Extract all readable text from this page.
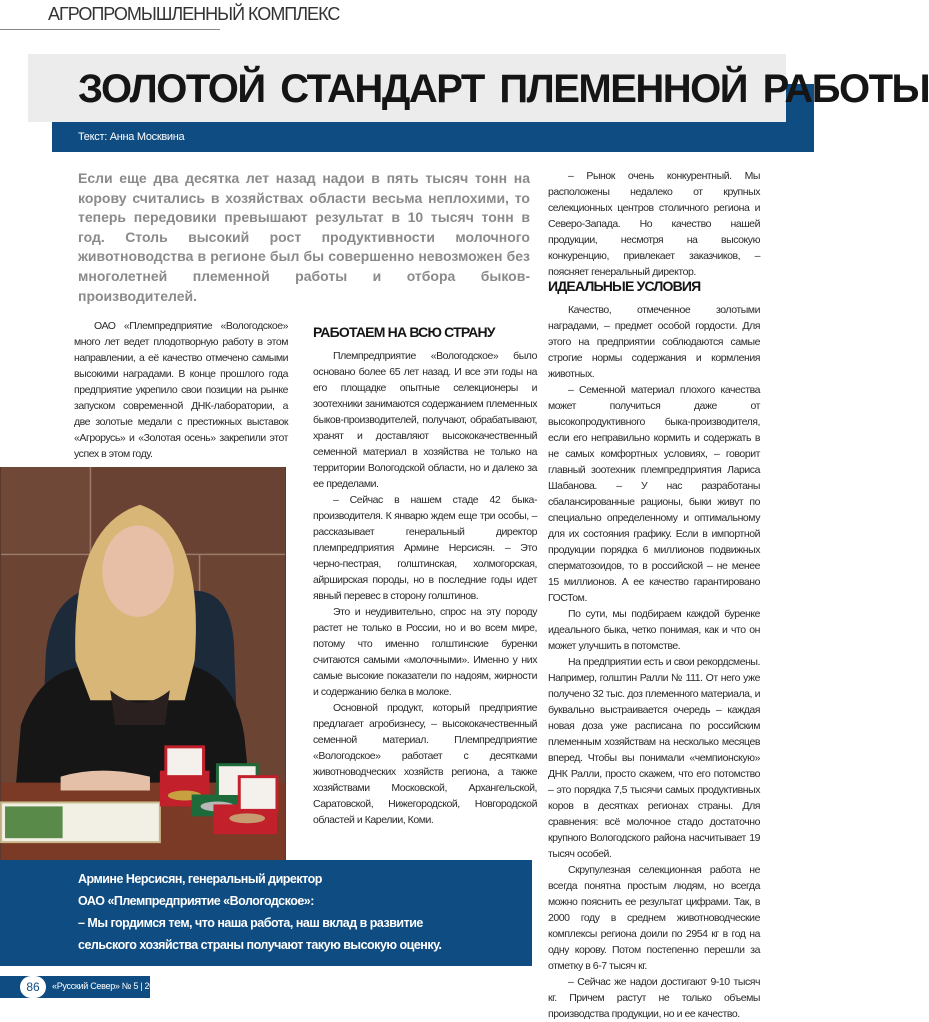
АГРОПРОМЫШЛЕННЫЙ КОМПЛЕКС
ЗОЛОТОЙ СТАНДАРТ ПЛЕМЕННОЙ РАБОТЫ
Текст: Анна Москвина
Если еще два десятка лет назад надои в пять тысяч тонн на корову считались в хозяйствах области весьма неплохими, то теперь передовики превышают результат в 10 тысяч тонн в год. Столь высокий рост продуктивности молочного животноводства в регионе был бы совершенно невозможен без многолетней племенной работы и отбора быков-производителей.

ОАО «Племпредприятие «Вологодское» много лет ведет плодотворную работу в этом направлении, а её качество отмечено самыми высокими наградами. В конце прошлого года предприятие укрепило свои позиции на рынке запуском современной ДНК-лаборатории, а две золотые медали с престижных выставок «Агрорусь» и «Золотая осень» закрепили этот успех в этом году.

РАБОТАЕМ НА ВСЮ СТРАНУ

Племпредприятие «Вологодское» было основано более 65 лет назад. И все эти годы на его площадке опытные селекционеры и зоотехники занимаются содержанием племенных быков-производителей, получают, обрабатывают, хранят и доставляют высококачественный семенной материал в хозяйства не только на территории Вологодской области, но и далеко за ее пределами.

– Сейчас в нашем стаде 42 быка-производителя. К январю ждем еще три особы, – рассказывает генеральный директор племпредприятия Армине Нерсисян. – Это черно-пестрая, голштинская, холмогорская, айрширская породы, но в последние годы идет явный перевес в сторону голштинов.

Это и неудивительно, спрос на эту породу растет не только в России, но и во всем мире, потому что именно голштинские буренки считаются самыми «молочными». Именно у них самые высокие показатели по надоям, жирности и содержанию белка в молоке.

Основной продукт, который предприятие предлагает агробизнесу, – высококачественный семенной материал. Племпредприятие «Вологодское» работает с десятками животноводческих хозяйств региона, а также хозяйствами Московской, Архангельской, Саратовской, Нижегородской, Новгородской областей и Карелии, Коми.

– Рынок очень конкурентный. Мы расположены недалеко от крупных селекционных центров столичного региона и Северо-Запада. Но качество нашей продукции, несмотря на высокую конкуренцию, привлекает заказчиков, – поясняет генеральный директор.

ИДЕАЛЬНЫЕ УСЛОВИЯ

Качество, отмеченное золотыми наградами, – предмет особой гордости. Для этого на предприятии соблюдаются самые строгие нормы содержания и кормления животных.

– Семенной материал плохого качества может получиться даже от высокопродуктивного быка-производителя, если его неправильно кормить и содержать в не самых комфортных условиях, – говорит главный зоотехник племпредприятия Лариса Шабанова. – У нас разработаны сбалансированные рационы, быки живут по специально определенному и оптимальному для их состояния графику. Если в импортной продукции порядка 6 миллионов подвижных сперматозоидов, то в российской – не менее 15 миллионов. А ее качество гарантировано ГОСТом.

По сути, мы подбираем каждой буренке идеального быка, четко понимая, как и что он может улучшить в потомстве.

На предприятии есть и свои рекордсмены. Например, голштин Ралли № 111. От него уже получено 32 тыс. доз племенного материала, и буквально выстраивается очередь – каждая новая доза уже расписана по российским племенным хозяйствам на несколько месяцев вперед. Чтобы вы понимали «чемпионскую» ДНК Ралли, просто скажем, что его потомство – это порядка 7,5 тысячи самых продуктивных коров в десятках регионах страны. Для сравнения: всё молочное стадо достаточно крупного Вологодского района насчитывает 19 тысяч особей.

Скрупулезная селекционная работа не всегда понятна простым людям, но всегда можно пояснить ее результат цифрами. Так, в 2000 году в среднем животноводческие комплексы региона доили по 2954 кг в год на одну корову. Потом постепенно перешли за отметку в 6-7 тысяч кг.

– Сейчас же надои достигают 9-10 тысяч кг. Причем растут не только объемы производства продукции, но и ее качество.

Армине Нерсисян, генеральный директор
ОАО «Племпредприятие «Вологодское»:
– Мы гордимся тем, что наша работа, наш вклад в развитие
сельского хозяйства страны получают такую высокую оценку.
86	«Русский Север» № 5 | 2021
